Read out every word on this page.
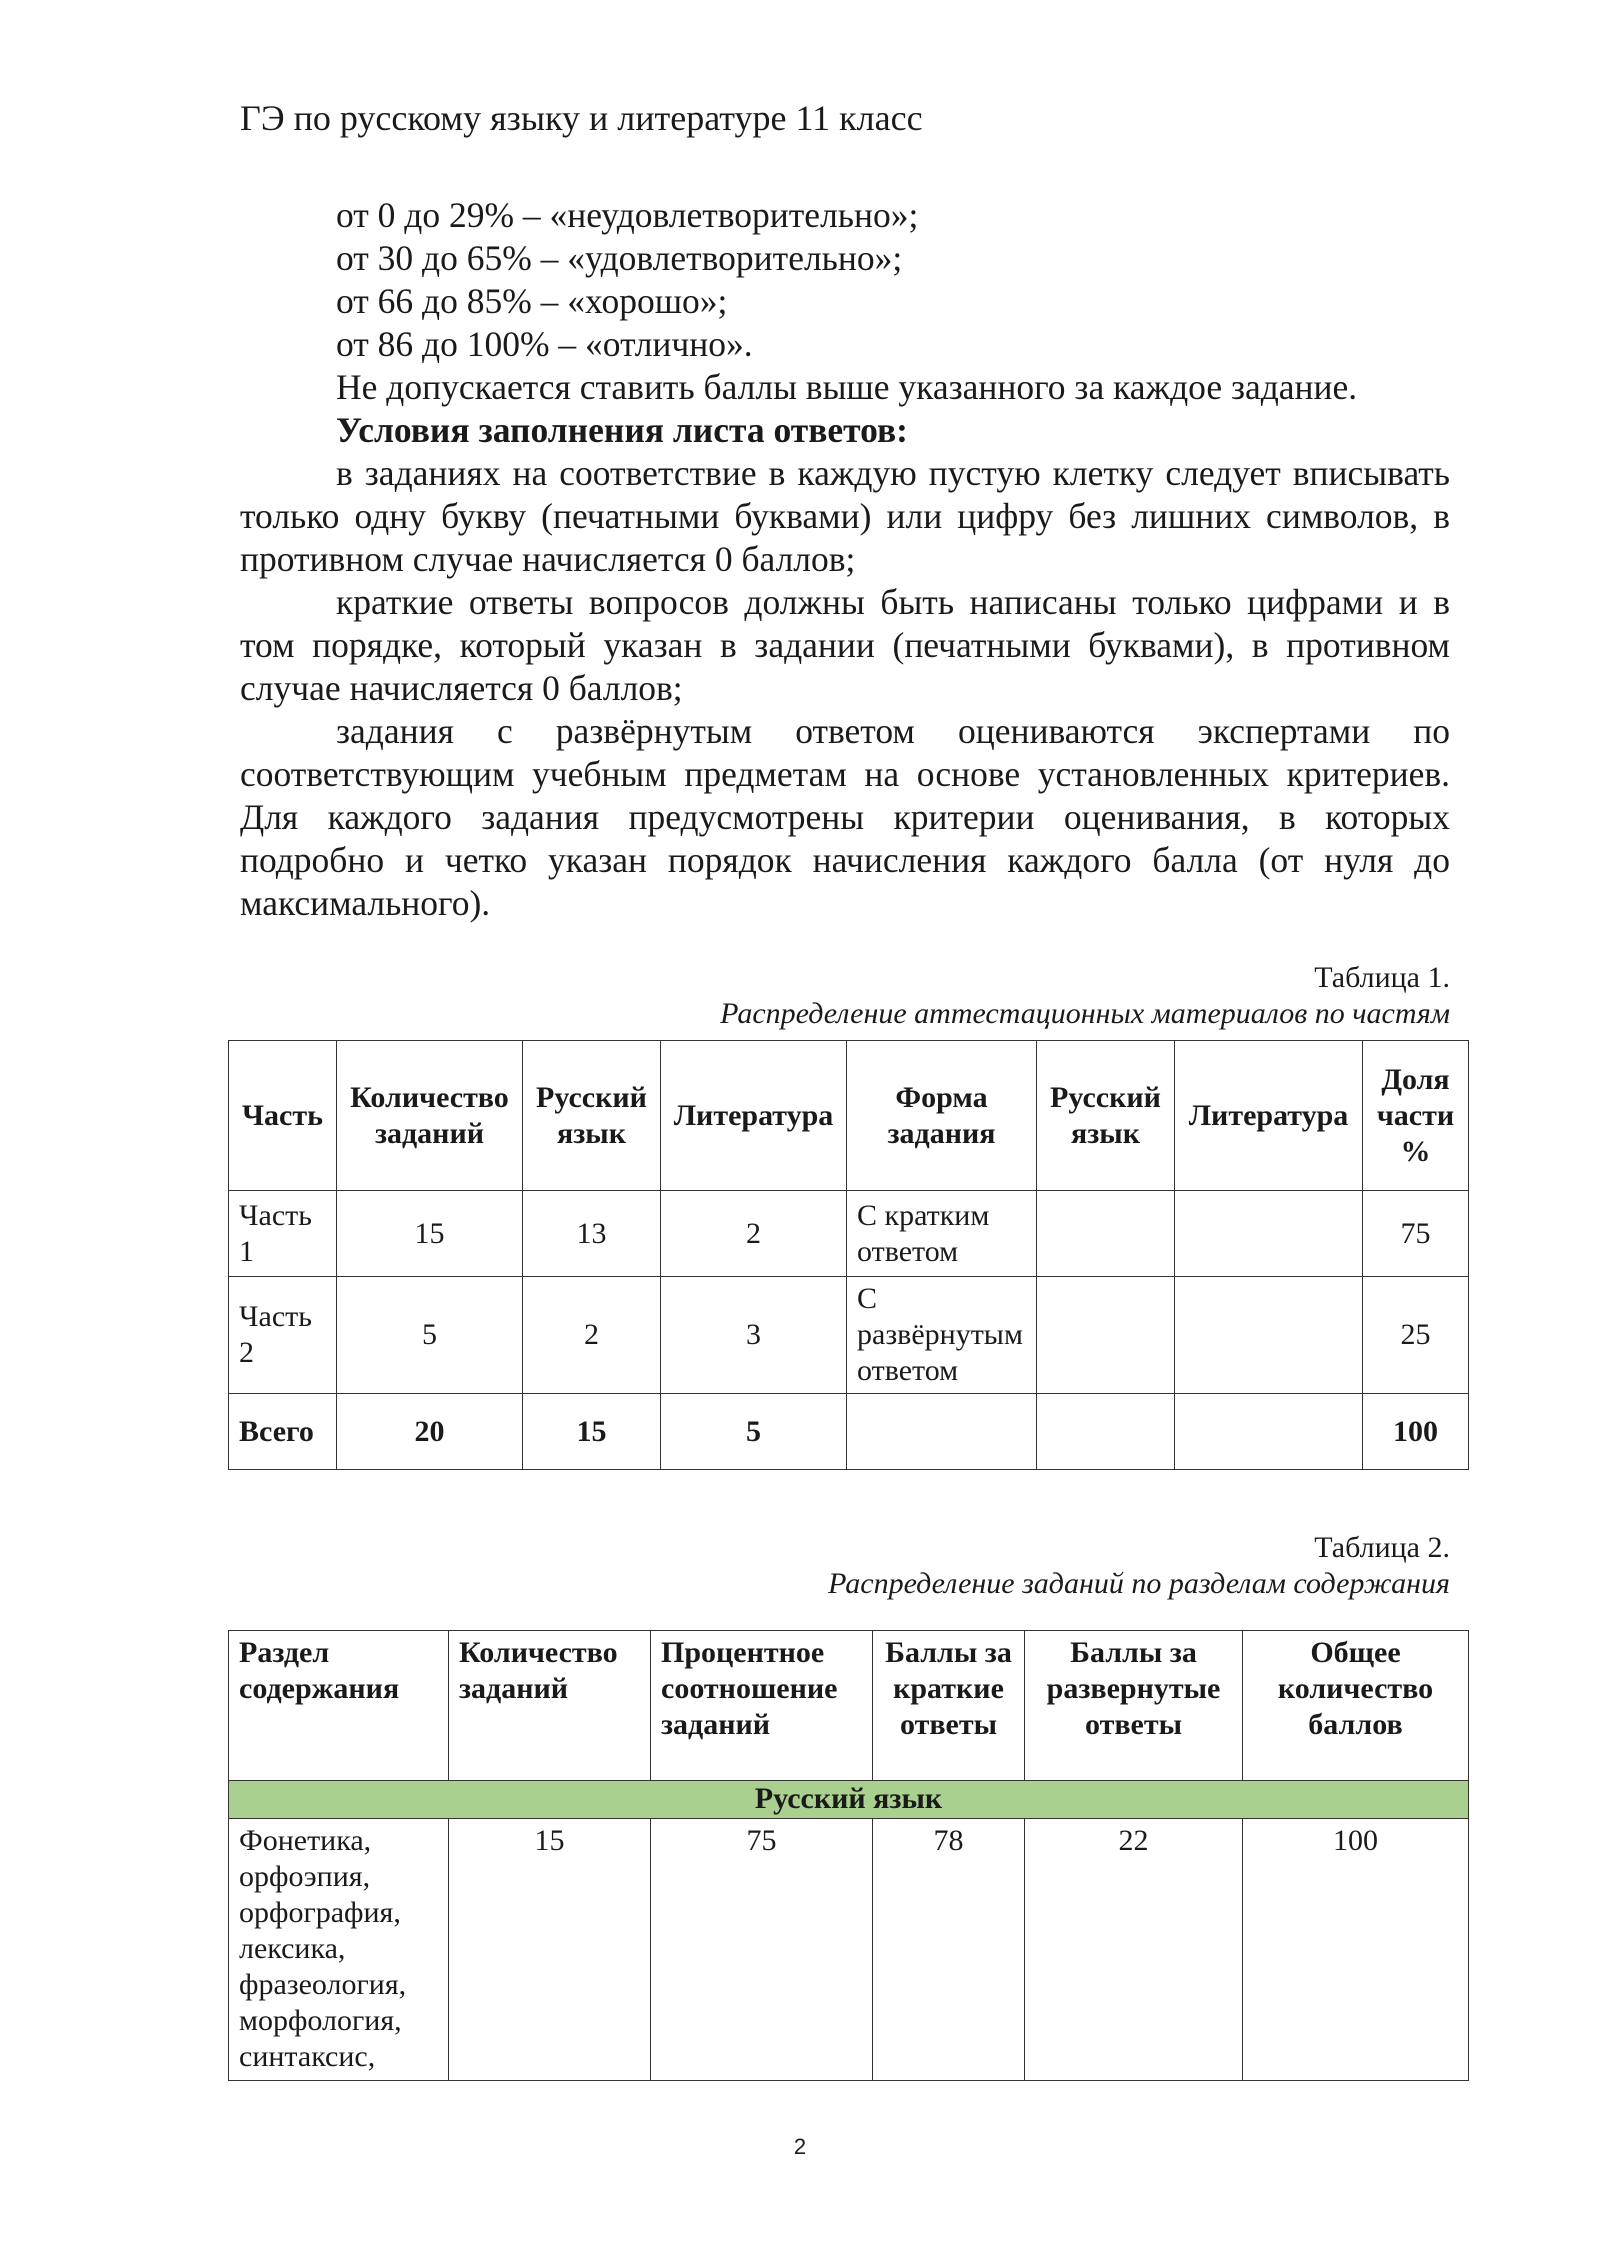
ГЭ по русскому языку и литературе 11 класс

от 0 до 29% – «неудовлетворительно»;

от 30 до 65% – «удовлетворительно»;

от 66 до 85% – «хорошо»;

от 86 до 100% – «отлично».

Не допускается ставить баллы выше указанного за каждое задание.

Условия заполнения листа ответов:

в заданиях на соответствие в каждую пустую клетку следует вписывать только одну букву (печатными буквами) или цифру без лишних символов, в противном случае начисляется 0 баллов;

краткие ответы вопросов должны быть написаны только цифрами и в том порядке, который указан в задании (печатными буквами), в противном случае начисляется 0 баллов;

задания с развёрнутым ответом оцениваются экспертами по соответствующим учебным предметам на основе установленных критериев. Для каждого задания предусмотрены критерии оценивания, в которых подробно и четко указан порядок начисления каждого балла (от нуля до максимального).

Таблица 1.
Распределение аттестационных материалов по частям
Часть	Количество заданий	Русский язык	Литература	Форма задания	Русский язык	Литература	Доля части %
Часть 1	15	13	2	С кратким ответом			75
Часть 2	5	2	3	С развёрнутым ответом			25
Всего	20	15	5				100
Таблица 2.
Распределение заданий по разделам содержания
Раздел содержания	Количество заданий	Процентное соотношение заданий	Баллы за краткие ответы	Баллы за развернутые ответы	Общее количество баллов
Русский язык					
Фонетика, орфоэпия, орфография, лексика, фразеология, морфология, синтаксис,	15	75	78	22	100
2
